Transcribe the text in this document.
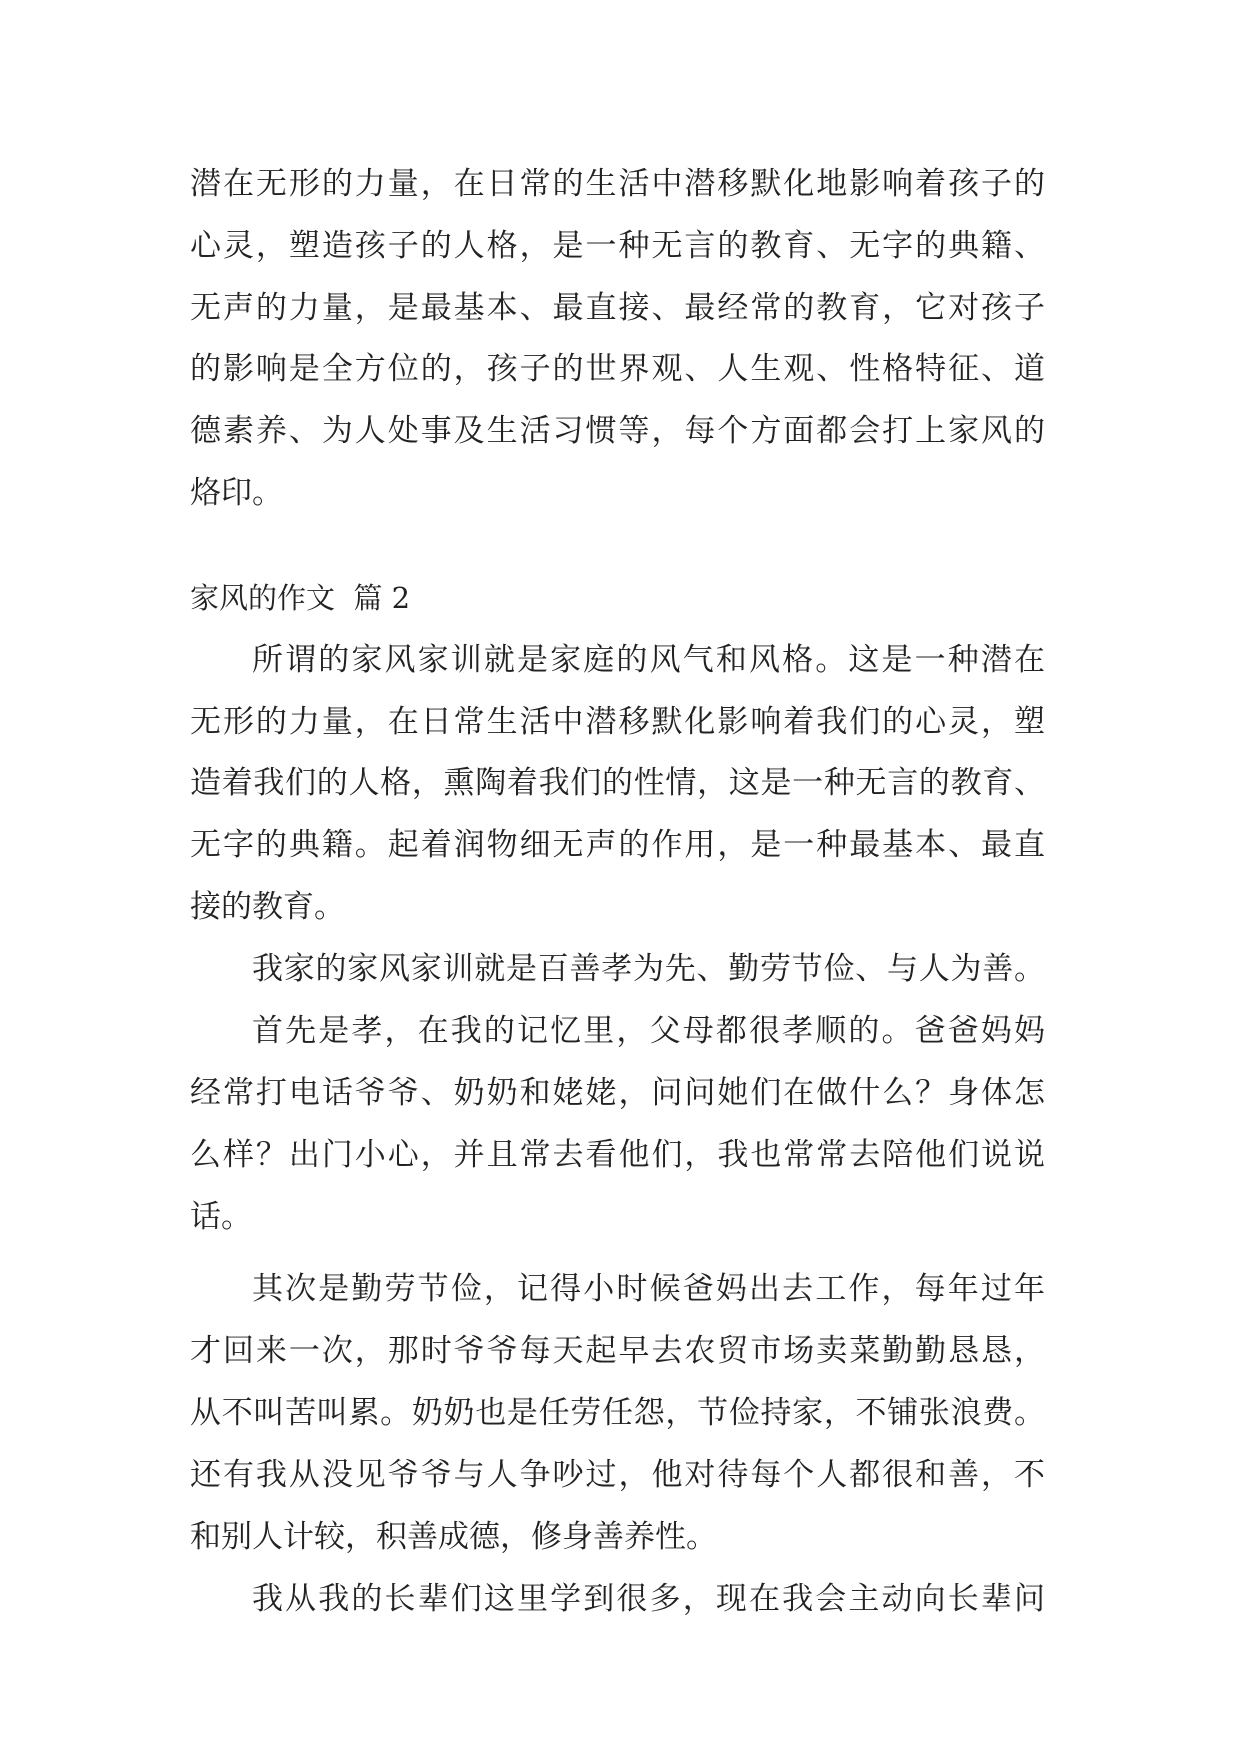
潜在无形的力量，在日常的生活中潜移默化地影响着孩子的
心灵，塑造孩子的人格，是一种无言的教育、无字的典籍、
无声的力量，是最基本、最直接、最经常的教育，它对孩子
的影响是全方位的，孩子的世界观、人生观、性格特征、道
德素养、为人处事及生活习惯等，每个方面都会打上家风的
烙印。
家风的作文  篇 2
所谓的家风家训就是家庭的风气和风格。这是一种潜在
无形的力量，在日常生活中潜移默化影响着我们的心灵，塑
造着我们的人格，熏陶着我们的性情，这是一种无言的教育、
无字的典籍。起着润物细无声的作用，是一种最基本、最直
接的教育。
我家的家风家训就是百善孝为先、勤劳节俭、与人为善。
首先是孝，在我的记忆里，父母都很孝顺的。爸爸妈妈
经常打电话爷爷、奶奶和姥姥，问问她们在做什么？身体怎
么样？出门小心，并且常去看他们，我也常常去陪他们说说
话。
其次是勤劳节俭，记得小时候爸妈出去工作，每年过年
才回来一次，那时爷爷每天起早去农贸市场卖菜勤勤恳恳，
从不叫苦叫累。奶奶也是任劳任怨，节俭持家，不铺张浪费。
还有我从没见爷爷与人争吵过，他对待每个人都很和善，不
和别人计较，积善成德，修身善养性。
我从我的长辈们这里学到很多，现在我会主动向长辈问
